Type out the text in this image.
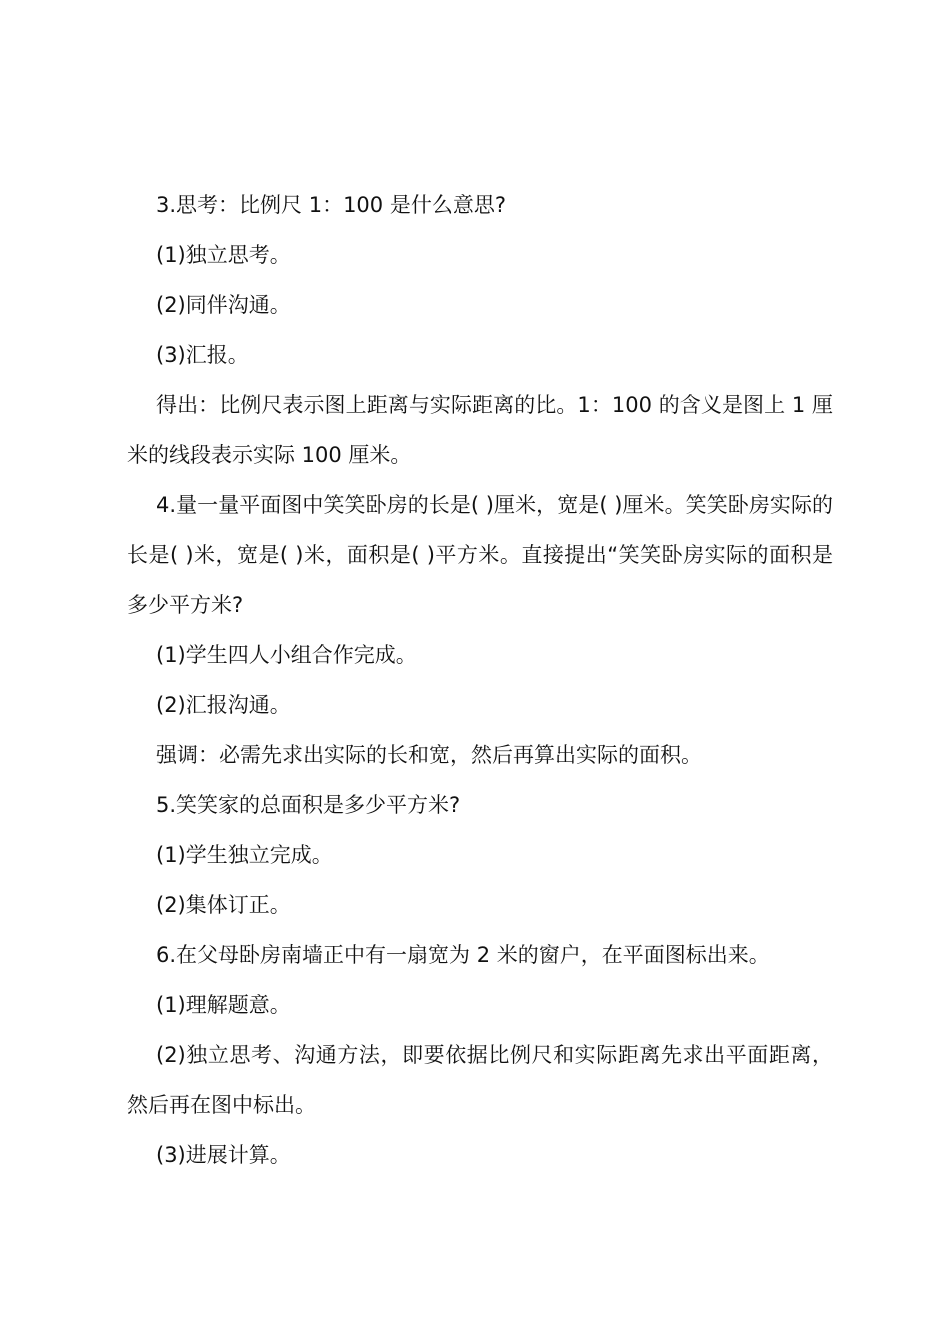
3.思考：比例尺 1：100 是什么意思?

(1)独立思考。

(2)同伴沟通。

(3)汇报。

得出：比例尺表示图上距离与实际距离的比。1：100 的含义是图上 1 厘米的线段表示实际 100 厘米。

4.量一量平面图中笑笑卧房的长是( )厘米，宽是( )厘米。笑笑卧房实际的长是( )米，宽是( )米，面积是( )平方米。直接提出“笑笑卧房实际的面积是多少平方米?

(1)学生四人小组合作完成。

(2)汇报沟通。

强调：必需先求出实际的长和宽，然后再算出实际的面积。

5.笑笑家的总面积是多少平方米?

(1)学生独立完成。

(2)集体订正。

6.在父母卧房南墙正中有一扇宽为 2 米的窗户，在平面图标出来。

(1)理解题意。

(2)独立思考、沟通方法，即要依据比例尺和实际距离先求出平面距离，然后再在图中标出。

(3)进展计算。
